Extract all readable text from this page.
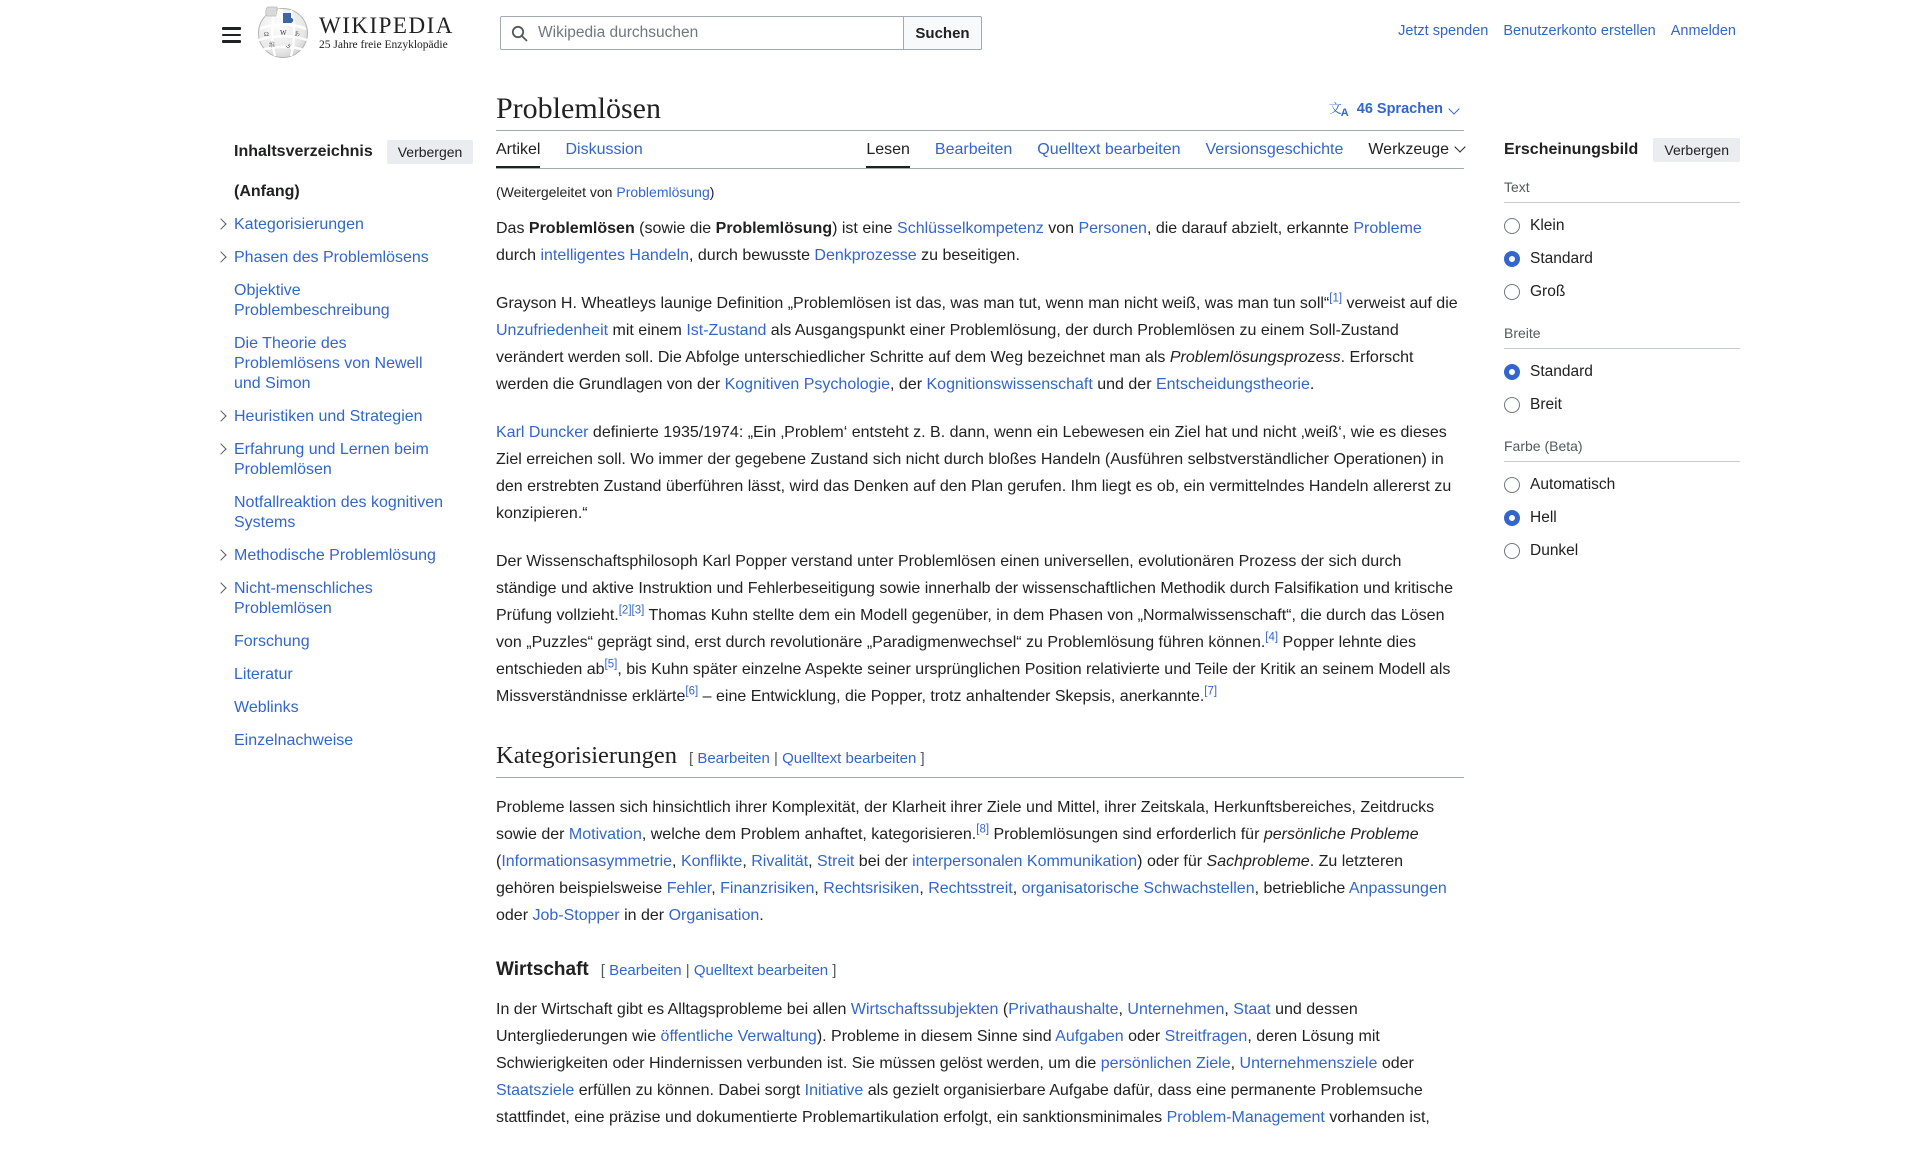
Ω W あ
维 ى
WIKIPEDIA
25 Jahre freie Enzyklopädie
Wikipedia durchsuchen
Suchen	Jetzt spenden Benutzerkonto erstellen Anmelden
Inhaltsverzeichnis	Verbergen
(Anfang)
Kategorisierungen
Phasen des Problemlösens
Objektive Problembeschreibung
Die Theorie des Problemlösens von Newell und Simon
Heuristiken und Strategien
Erfahrung und Lernen beim Problemlösen
Notfallreaktion des kognitiven Systems
Methodische Problemlösung
Nicht-menschliches Problemlösen
Forschung
Literatur
Weblinks
Einzelnachweise
Problemlösen	文$_A$ 46 Sprachen
Artikel Diskussion	Lesen Bearbeiten Quelltext bearbeiten Versionsgeschichte Werkzeuge
(Weitergeleitet von Problemlösung)

Das Problemlösen (sowie die Problemlösung) ist eine Schlüsselkompetenz von Personen, die darauf abzielt, erkannte Probleme durch intelligentes Handeln, durch bewusste Denkprozesse zu beseitigen.

Grayson H. Wheatleys launige Definition „Problemlösen ist das, was man tut, wenn man nicht weiß, was man tun soll“[1] verweist auf die Unzufriedenheit mit einem Ist-Zustand als Ausgangspunkt einer Problemlösung, der durch Problemlösen zu einem Soll-Zustand verändert werden soll. Die Abfolge unterschiedlicher Schritte auf dem Weg bezeichnet man als Problemlösungsprozess. Erforscht werden die Grundlagen von der Kognitiven Psychologie, der Kognitionswissenschaft und der Entscheidungstheorie.

Karl Duncker definierte 1935/1974: „Ein ‚Problem‘ entsteht z. B. dann, wenn ein Lebewesen ein Ziel hat und nicht ‚weiß‘, wie es dieses Ziel erreichen soll. Wo immer der gegebene Zustand sich nicht durch bloßes Handeln (Ausführen selbstverständlicher Operationen) in den erstrebten Zustand überführen lässt, wird das Denken auf den Plan gerufen. Ihm liegt es ob, ein vermittelndes Handeln allererst zu konzipieren.“

Der Wissenschaftsphilosoph Karl Popper verstand unter Problemlösen einen universellen, evolutionären Prozess der sich durch ständige und aktive Instruktion und Fehlerbeseitigung sowie innerhalb der wissenschaftlichen Methodik durch Falsifikation und kritische Prüfung vollzieht.[2][3] Thomas Kuhn stellte dem ein Modell gegenüber, in dem Phasen von „Normalwissenschaft“, die durch das Lösen von „Puzzles“ geprägt sind, erst durch revolutionäre „Paradigmenwechsel“ zu Problemlösung führen können.[4] Popper lehnte dies entschieden ab[5], bis Kuhn später einzelne Aspekte seiner ursprünglichen Position relativierte und Teile der Kritik an seinem Modell als Missverständnisse erklärte[6] – eine Entwicklung, die Popper, trotz anhaltender Skepsis, anerkannte.[7]

Kategorisierungen [ Bearbeiten | Quelltext bearbeiten ]

Probleme lassen sich hinsichtlich ihrer Komplexität, der Klarheit ihrer Ziele und Mittel, ihrer Zeitskala, Herkunftsbereiches, Zeitdrucks sowie der Motivation, welche dem Problem anhaftet, kategorisieren.[8] Problemlösungen sind erforderlich für persönliche Probleme (Informationsasymmetrie, Konflikte, Rivalität, Streit bei der interpersonalen Kommunikation) oder für Sachprobleme. Zu letzteren gehören beispielsweise Fehler, Finanzrisiken, Rechtsrisiken, Rechtsstreit, organisatorische Schwachstellen, betriebliche Anpassungen oder Job-Stopper in der Organisation.

Wirtschaft [ Bearbeiten | Quelltext bearbeiten ]

In der Wirtschaft gibt es Alltagsprobleme bei allen Wirtschaftssubjekten (Privathaushalte, Unternehmen, Staat und dessen Untergliederungen wie öffentliche Verwaltung). Probleme in diesem Sinne sind Aufgaben oder Streitfragen, deren Lösung mit Schwierigkeiten oder Hindernissen verbunden ist. Sie müssen gelöst werden, um die persönlichen Ziele, Unternehmensziele oder Staatsziele erfüllen zu können. Dabei sorgt Initiative als gezielt organisierbare Aufgabe dafür, dass eine permanente Problemsuche stattfindet, eine präzise und dokumentierte Problemartikulation erfolgt, ein sanktionsminimales Problem-Management vorhanden ist,

Erscheinungsbild	Verbergen
Text
Klein
Standard
Groß
Breite
Standard
Breit
Farbe (Beta)
Automatisch
Hell
Dunkel
